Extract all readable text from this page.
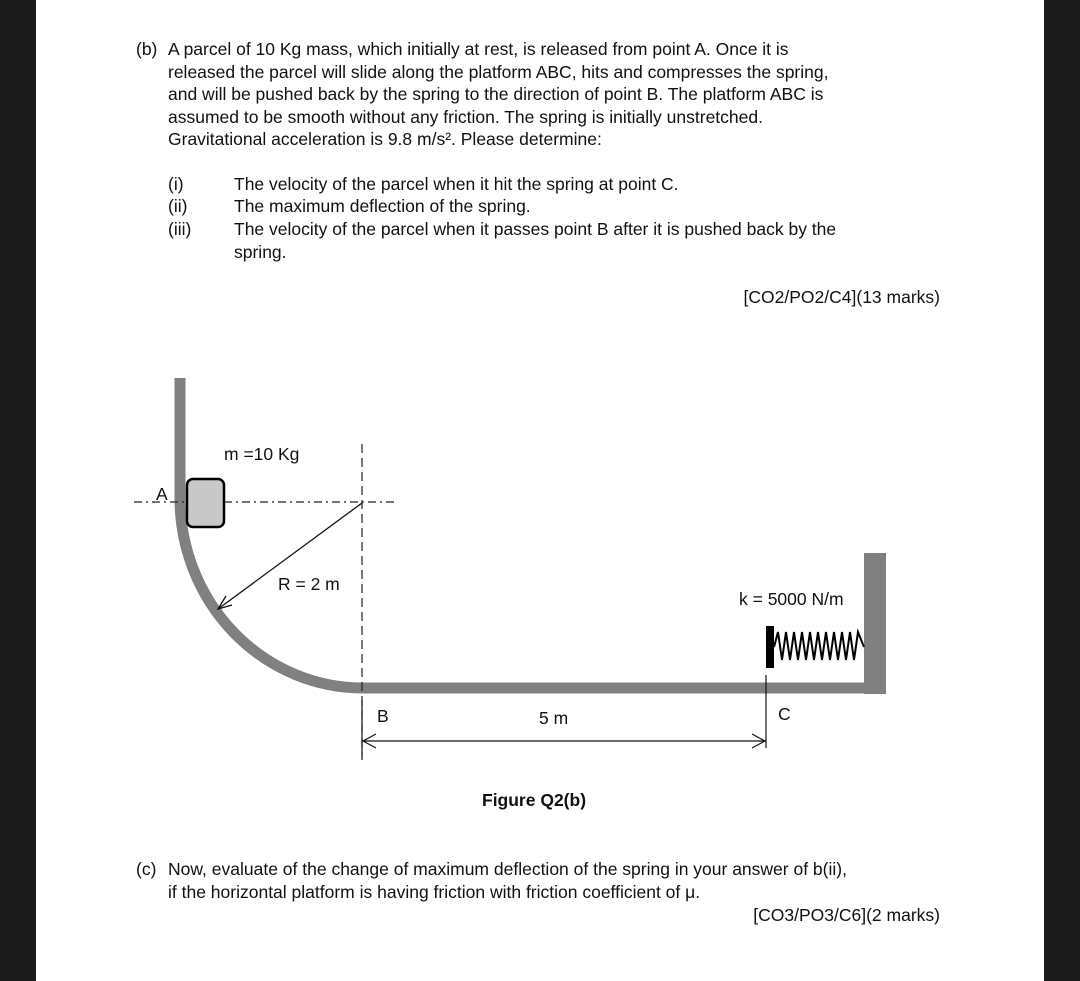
(b) A parcel of 10 Kg mass, which initially at rest, is released from point A. Once it is
released the parcel will slide along the platform ABC, hits and compresses the spring,
and will be pushed back by the spring to the direction of point B. The platform ABC is
assumed to be smooth without any friction. The spring is initially unstretched.
Gravitational acceleration is 9.8 m/s². Please determine:
(i)	The velocity of the parcel when it hit the spring at point C.
(ii)	The maximum deflection of the spring.
(iii) The velocity of the parcel when it passes point B after it is pushed back by the
spring.
[CO2/PO2/C4](13 marks)
m =10 Kg
A
R = 2 m
k = 5000 N/m
B	5 m	C
Figure Q2(b)
(c) Now, evaluate of the change of maximum deflection of the spring in your answer of b(ii),
if the horizontal platform is having friction with friction coefficient of μ.
[CO3/PO3/C6](2 marks)
